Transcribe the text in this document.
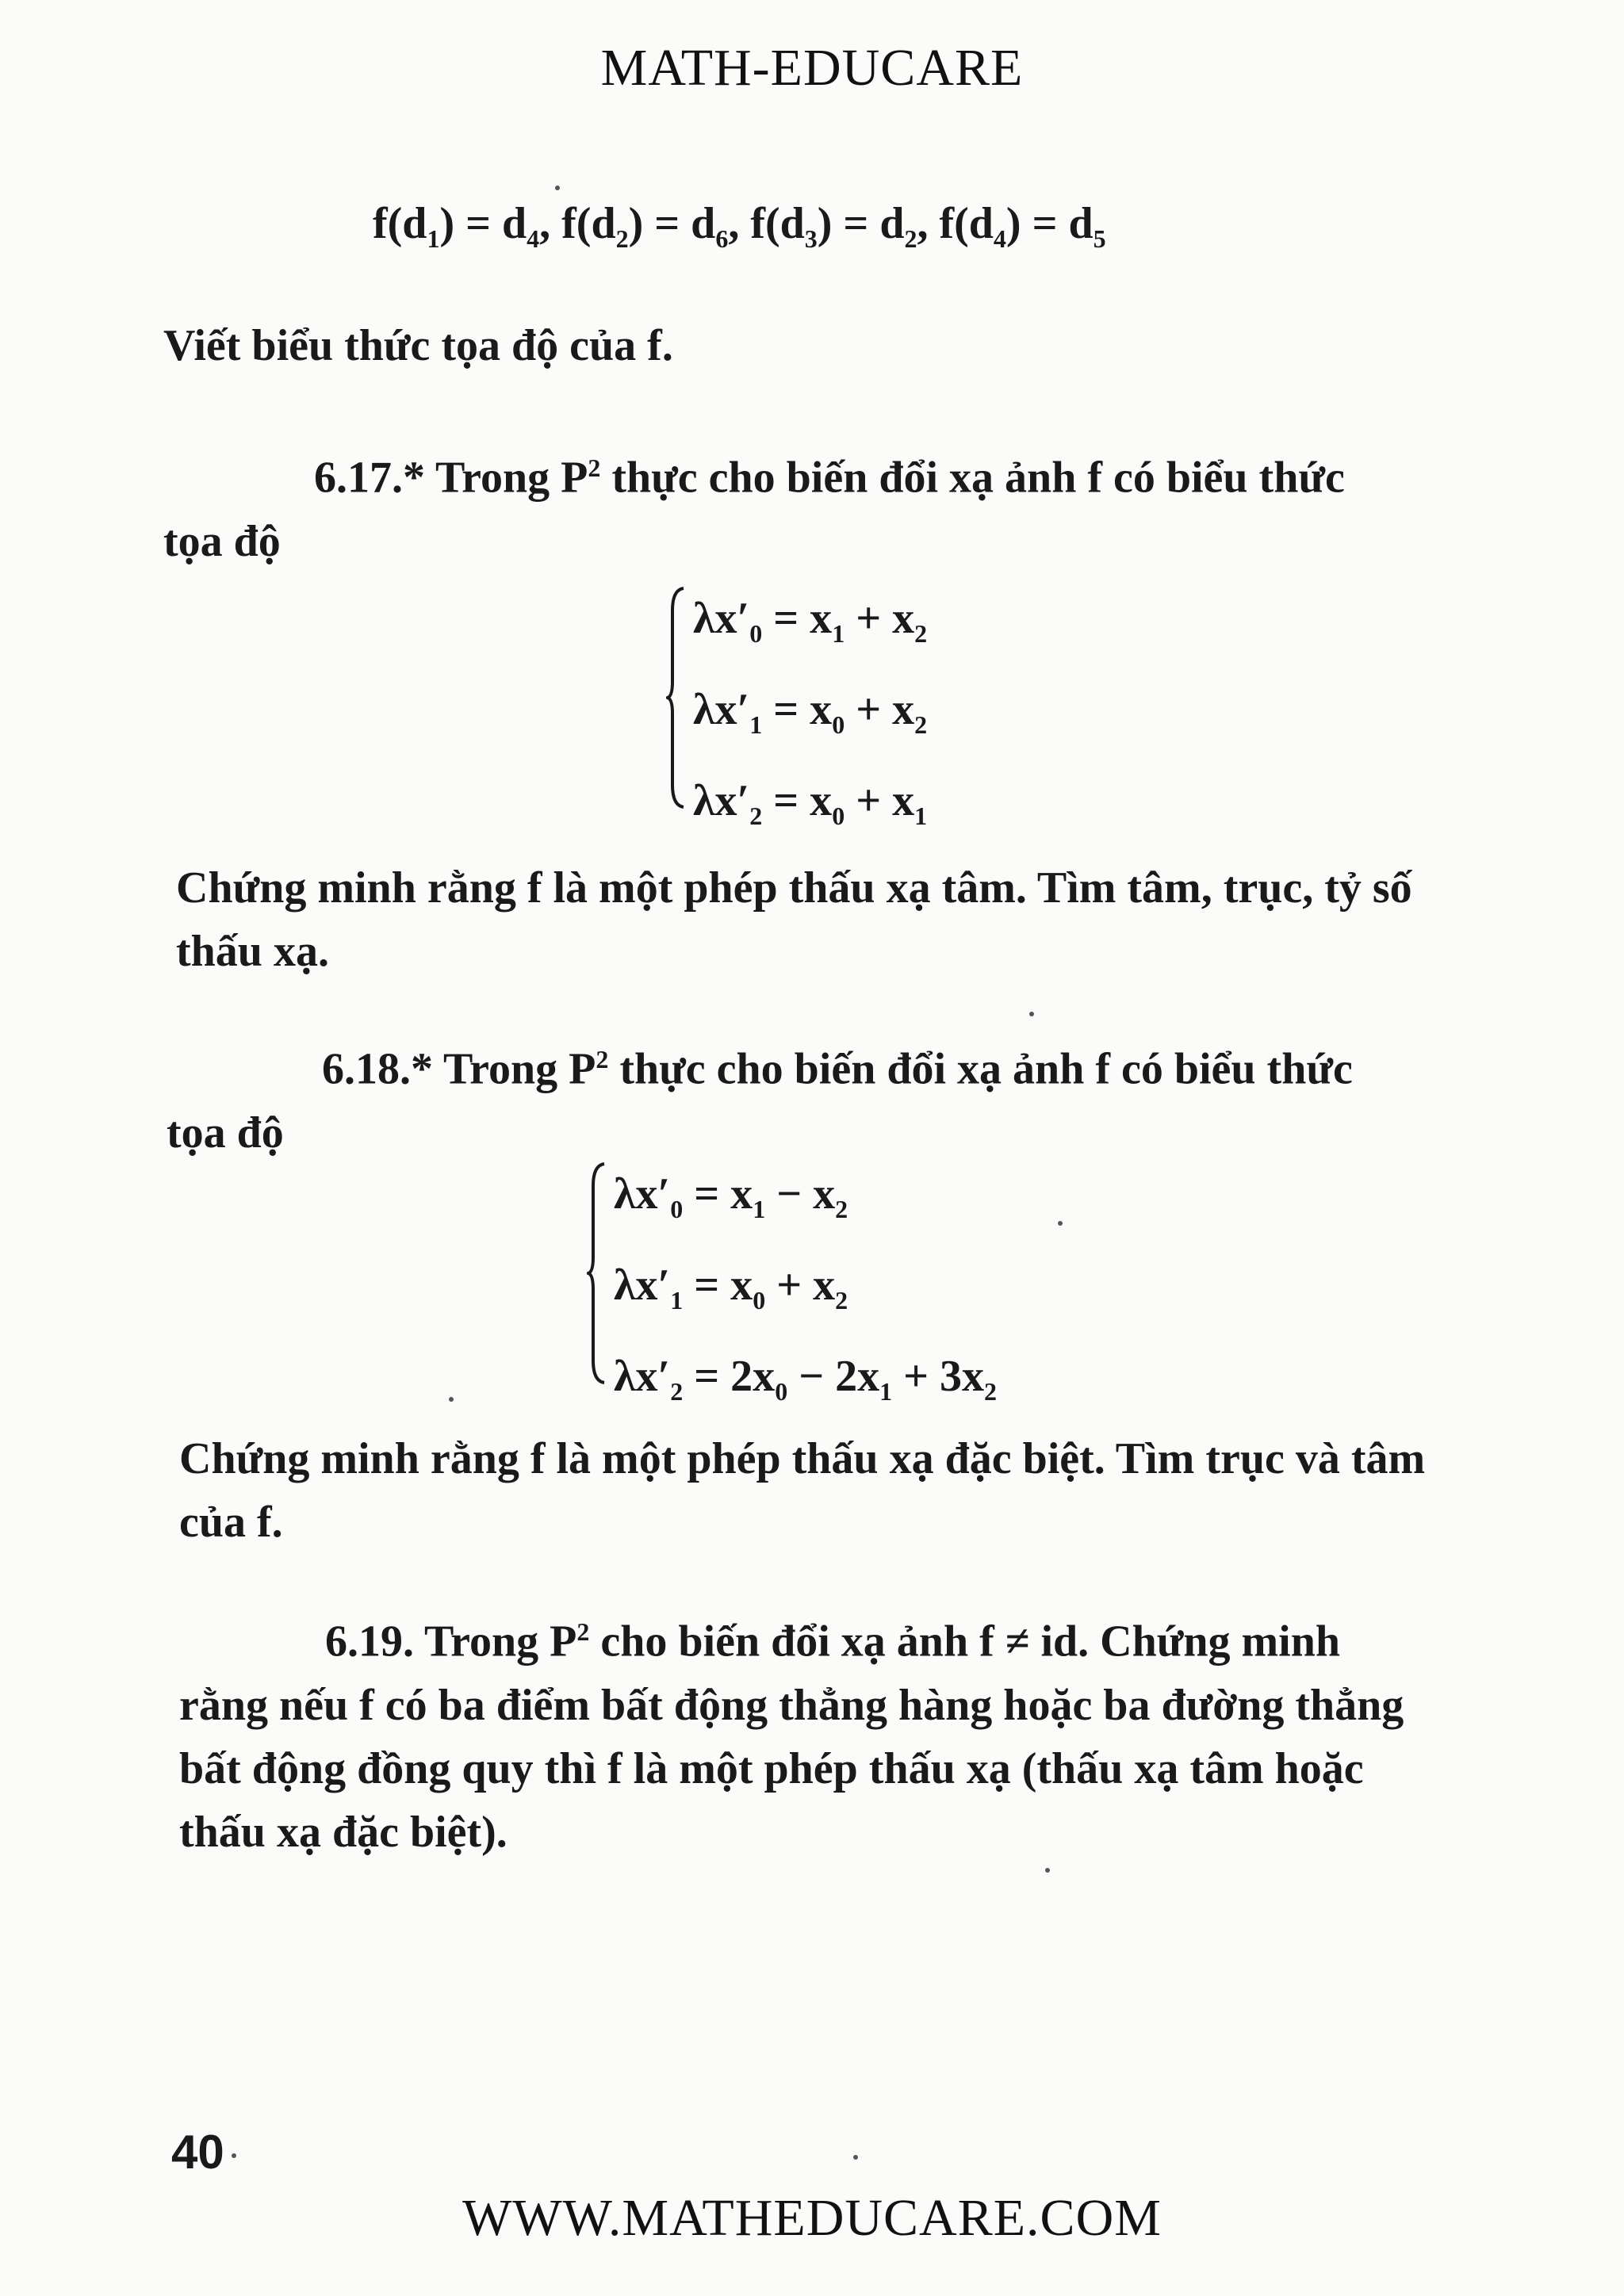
MATH-EDUCARE
$f(d_1) = d_4$, $f(d_2) = d_6$, $f(d_3) = d_2$, $f(d_4) = d_5$
Viết biểu thức tọa độ của f.
6.17.* Trong $P^2$ thực cho biến đổi xạ ảnh f có biểu thức
tọa độ
$\lambda x'_0 = x_1 + x_2$
$\lambda x'_1 = x_0 + x_2$
$\lambda x'_2 = x_0 + x_1$
Chứng minh rằng f là một phép thấu xạ tâm. Tìm tâm, trục, tỷ số
thấu xạ.
6.18.* Trong $P^2$ thực cho biến đổi xạ ảnh f có biểu thức
tọa độ
$\lambda x'_0 = x_1 - x_2$
$\lambda x'_1 = x_0 + x_2$
$\lambda x'_2 = 2x_0 - 2x_1 + 3x_2$
Chứng minh rằng f là một phép thấu xạ đặc biệt. Tìm trục và tâm
của f.
6.19. Trong $P^2$ cho biến đổi xạ ảnh f ≠ id. Chứng minh
rằng nếu f có ba điểm bất động thẳng hàng hoặc ba đường thẳng
bất động đồng quy thì f là một phép thấu xạ (thấu xạ tâm hoặc
thấu xạ đặc biệt).
40
WWW.MATHEDUCARE.COM
